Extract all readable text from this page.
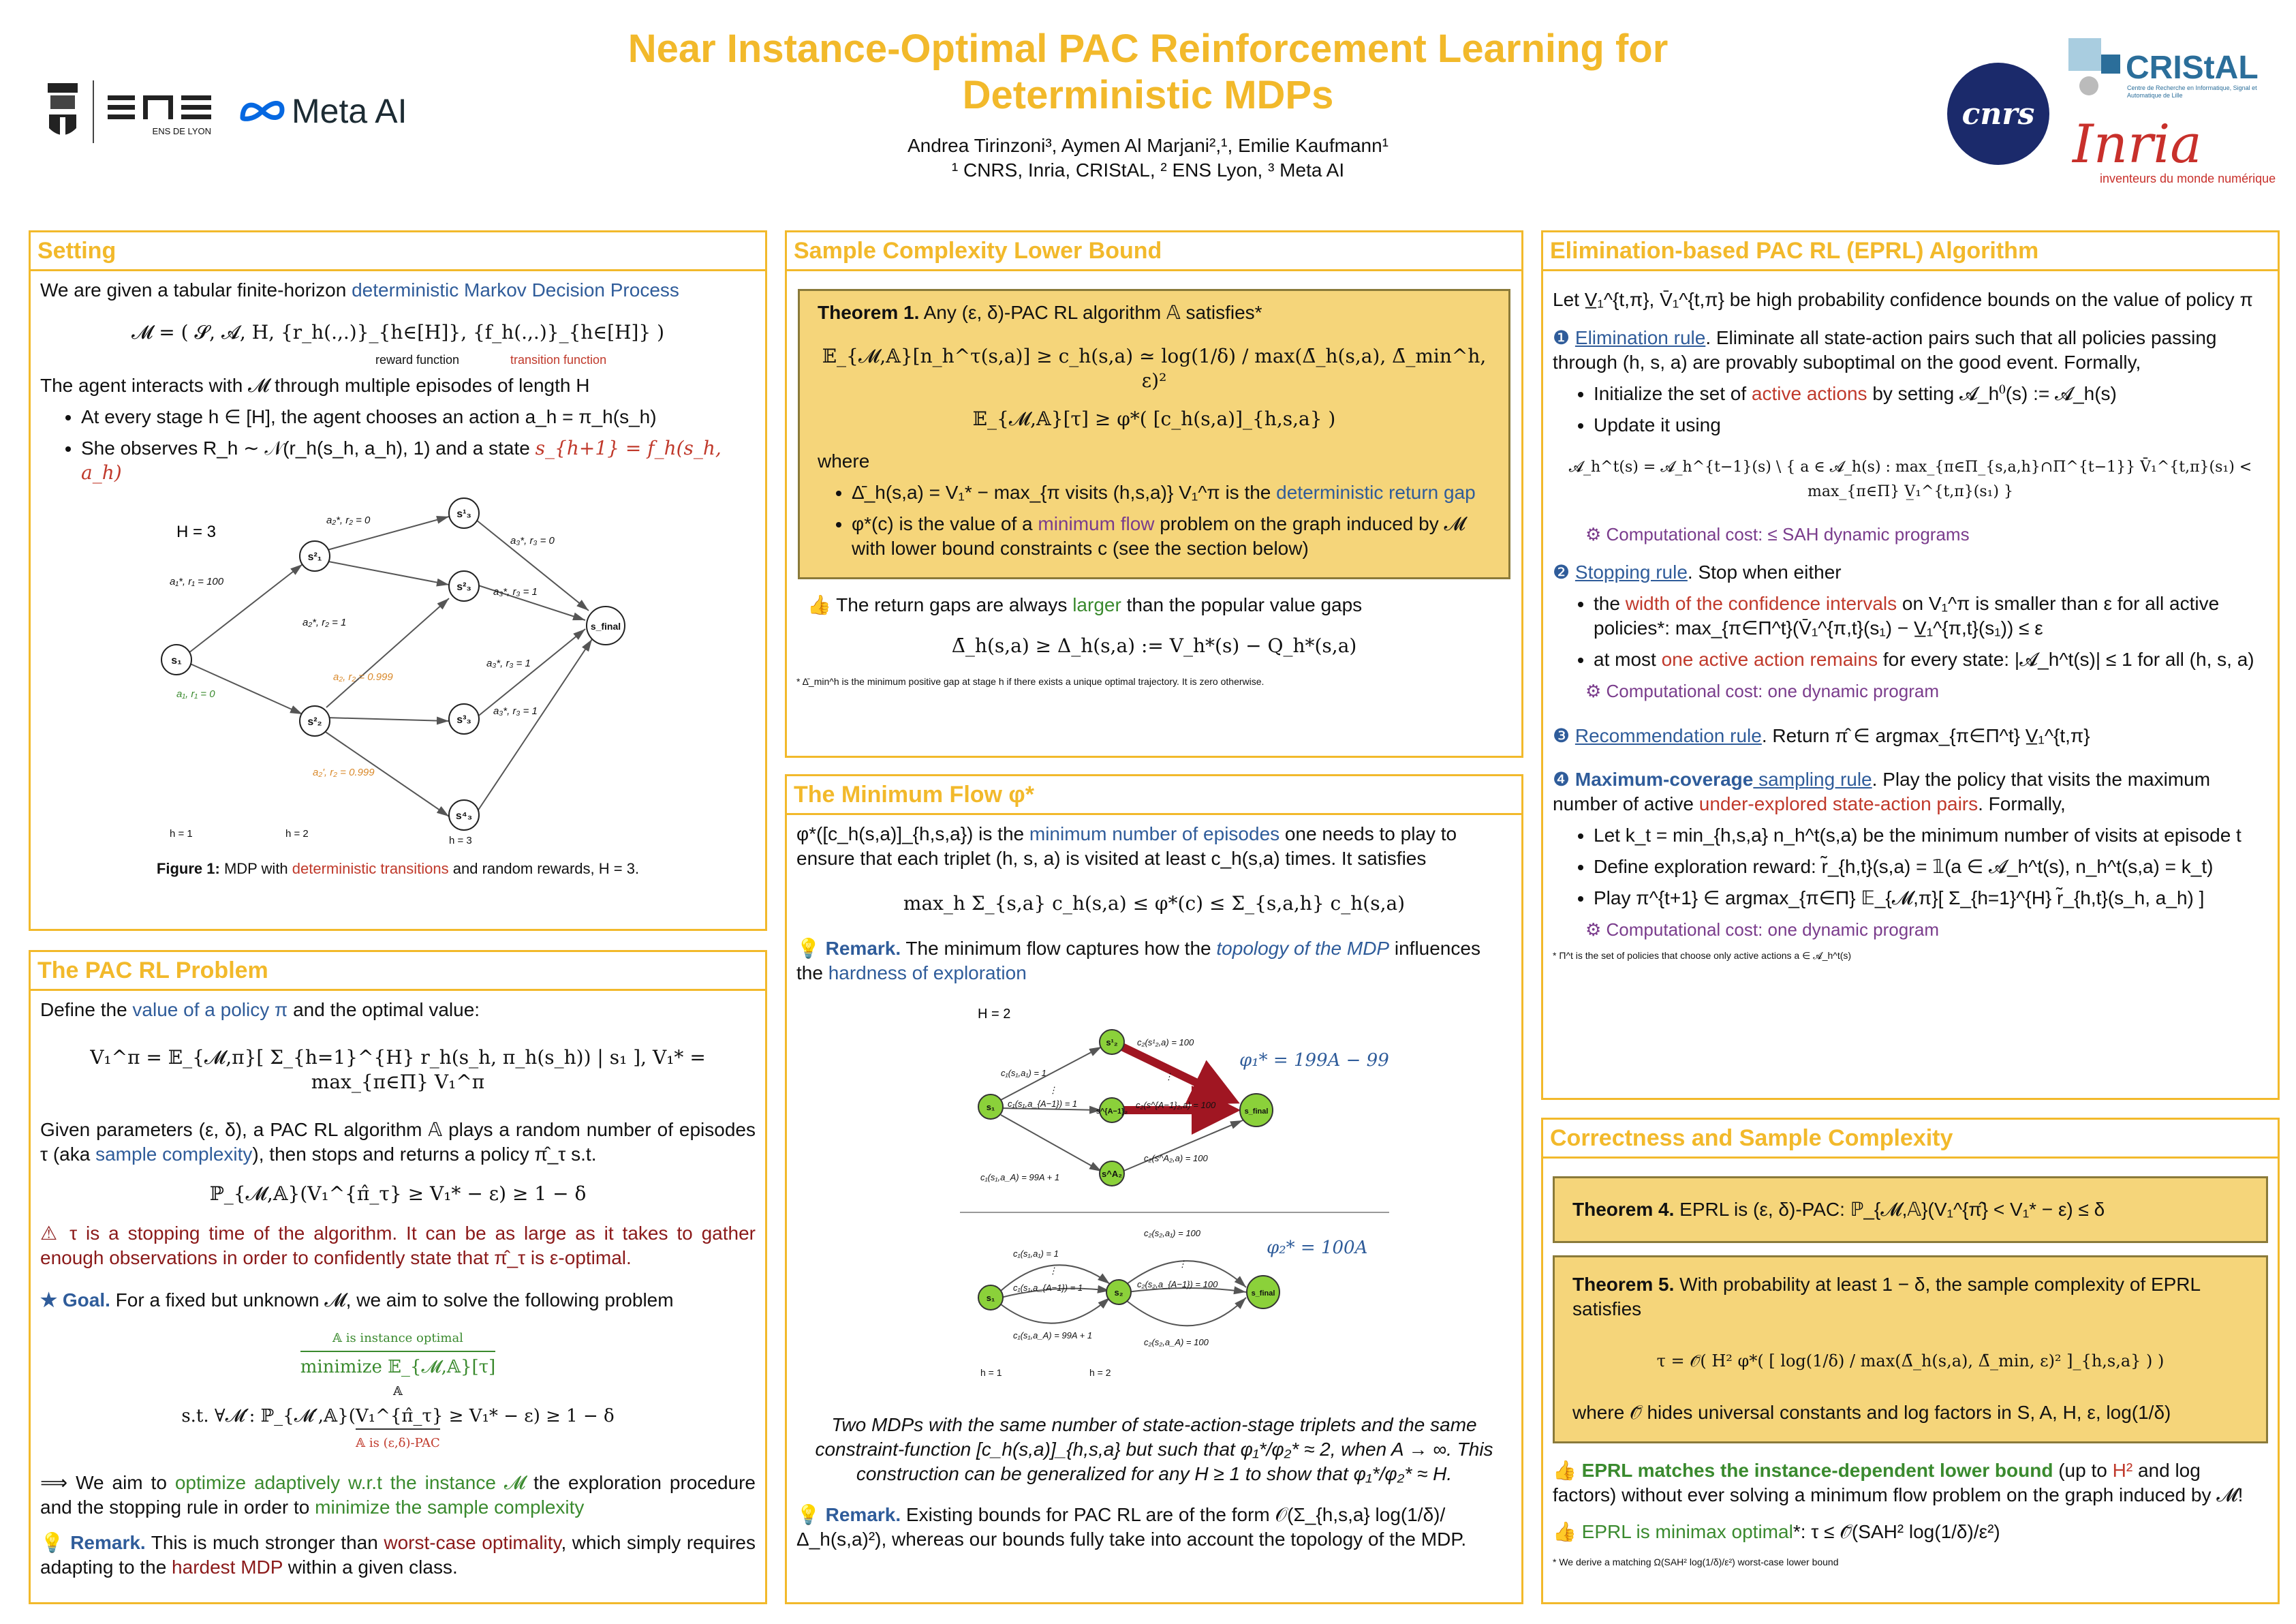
ENS DE LYON
Meta AI
Near Instance-Optimal PAC Reinforcement Learning for
Deterministic MDPs
Andrea Tirinzoni³, Aymen Al Marjani²,¹, Emilie Kaufmann¹
¹ CNRS, Inria, CRIStAL, ² ENS Lyon, ³ Meta AI
cnrs
CRIStAL
Centre de Recherche en Informatique, Signal et Automatique de Lille
Inria
inventeurs du monde numérique
Setting
We are given a tabular finite-horizon deterministic Markov Decision Process
𝓜 = ( 𝓢, 𝓐, H, {r_h(.,.)}_{h∈[H]}, {f_h(.,.)}_{h∈[H]} )
reward function	transition function
The agent interacts with 𝓜 through multiple episodes of length H
• At every stage h ∈ [H], the agent chooses an action a_h = π_h(s_h)
• She observes R_h ∼ 𝒩(r_h(s_h, a_h), 1) and a state s_{h+1} = f_h(s_h, a_h)
H = 3
a₁*, r₁ = 100
a₁, r₁ = 0
a₂*, r₂ = 0
a₂*, r₂ = 1
a₂, r₂ = 0.999
a₂', r₂ = 0.999
a₃*, r₃ = 0
a₃*, r₃ = 1
a₃*, r₃ = 1
a₃*, r₃ = 1
s₁
s²₁
s²₂
s¹₃
s²₃
s³₃
s⁴₃
s_final
h = 1	h = 2
h = 3
Figure 1: MDP with deterministic transitions and random rewards, H = 3.
The PAC RL Problem
Define the value of a policy π and the optimal value:
V₁^π = 𝔼_{𝓜,π}[ Σ_{h=1}^{H} r_h(s_h, π_h(s_h)) | s₁ ], V₁* = max_{π∈Π} V₁^π
Given parameters (ε, δ), a PAC RL algorithm 𝔸 plays a random number of episodes τ (aka sample complexity), then stops and returns a policy π̂_τ s.t.
ℙ_{𝓜,𝔸}(V₁^{π̂_τ} ≥ V₁* − ε) ≥ 1 − δ
⚠ τ is a stopping time of the algorithm. It can be as large as it takes to gather enough observations in order to confidently state that π̂_τ is ε-optimal.
★ Goal. For a fixed but unknown 𝓜, we aim to solve the following problem
𝔸 is instance optimal
minimize 𝔼_{𝓜,𝔸}[τ]
𝔸
s.t. ∀𝓜′: ℙ_{𝓜′,𝔸}(V₁^{π̂_τ} ≥ V₁* − ε) ≥ 1 − δ
𝔸 is (ε,δ)-PAC
⟹ We aim to optimize adaptively w.r.t the instance 𝓜 the exploration procedure and the stopping rule in order to minimize the sample complexity
💡 Remark. This is much stronger than worst-case optimality, which simply requires adapting to the hardest MDP within a given class.
Sample Complexity Lower Bound
Theorem 1. Any (ε, δ)-PAC RL algorithm 𝔸 satisfies*
𝔼_{𝓜,𝔸}[n_h^τ(s,a)] ≥ c_h(s,a) ≃ log(1/δ) / max(Δ̄_h(s,a), Δ̄_min^h, ε)²
𝔼_{𝓜,𝔸}[τ] ≥ φ*( [c_h(s,a)]_{h,s,a} )
where
• Δ̄_h(s,a) = V₁* − max_{π visits (h,s,a)} V₁^π is the deterministic return gap
• φ*(c) is the value of a minimum flow problem on the graph induced by 𝓜 with lower bound constraints c (see the section below)
👍 The return gaps are always larger than the popular value gaps
Δ̄_h(s,a) ≥ Δ_h(s,a) := V_h*(s) − Q_h*(s,a)
* Δ̄_min^h is the minimum positive gap at stage h if there exists a unique optimal trajectory. It is zero otherwise.
The Minimum Flow φ*
φ*([c_h(s,a)]_{h,s,a}) is the minimum number of episodes one needs to play to ensure that each triplet (h, s, a) is visited at least c_h(s,a) times. It satisfies
max_h Σ_{s,a} c_h(s,a) ≤ φ*(c) ≤ Σ_{s,a,h} c_h(s,a)
💡 Remark. The minimum flow captures how the topology of the MDP influences the hardness of exploration
H = 2
c₁(s₁,a₁) = 1
⋮
c₁(s₁,a_{A−1}) = 1
c₁(s₁,a_A) = 99A + 1
c₂(s¹₂,a) = 100
⋮
c₂(s^{A−1}₂,a) = 100
c₂(s^A₂,a) = 100
s₁
s¹₂
s^{A−1}₂
s^A₂
s_final
φ₁* = 199A − 99
c₁(s₁,a₁) = 1
⋮
c₁(s₁,a_{A−1}) = 1
c₁(s₁,a_A) = 99A + 1
c₂(s₂,a₁) = 100
⋮
c₂(s₂,a_{A−1}) = 100
c₂(s₂,a_A) = 100
s₁
s₂	s_final
φ₂* = 100A
h = 1	h = 2
Two MDPs with the same number of state-action-stage triplets and the same constraint-function [c_h(s,a)]_{h,s,a} but such that φ₁*/φ₂* ≈ 2, when A → ∞. This construction can be generalized for any H ≥ 1 to show that φ₁*/φ₂* ≈ H.
💡 Remark. Existing bounds for PAC RL are of the form 𝒪(Σ_{h,s,a} log(1/δ)/Δ_h(s,a)²), whereas our bounds fully take into account the topology of the MDP.
Elimination-based PAC RL (EPRL) Algorithm
Let V̲₁^{t,π}, V̄₁^{t,π} be high probability confidence bounds on the value of policy π
❶ Elimination rule. Eliminate all state-action pairs such that all policies passing through (h, s, a) are provably suboptimal on the good event. Formally,
• Initialize the set of active actions by setting 𝓐_h⁰(s) := 𝓐_h(s)
• Update it using
𝓐_h^t(s) = 𝓐_h^{t−1}(s) \ { a ∈ 𝓐_h(s) : max_{π∈Π_{s,a,h}∩Π^{t−1}} V̄₁^{t,π}(s₁) < max_{π∈Π} V̲₁^{t,π}(s₁) }
⚙ Computational cost: ≤ SAH dynamic programs
❷ Stopping rule. Stop when either
• the width of the confidence intervals on V₁^π is smaller than ε for all active policies*: max_{π∈Π^t}(V̄₁^{π,t}(s₁) − V̲₁^{π,t}(s₁)) ≤ ε
• at most one active action remains for every state: |𝓐_h^t(s)| ≤ 1 for all (h, s, a)
⚙ Computational cost: one dynamic program
❸ Recommendation rule. Return π̂ ∈ argmax_{π∈Π^t} V̲₁^{t,π}
❹ Maximum-coverage sampling rule. Play the policy that visits the maximum number of active under-explored state-action pairs. Formally,
• Let k_t = min_{h,s,a} n_h^t(s,a) be the minimum number of visits at episode t
• Define exploration reward: r̃_{h,t}(s,a) = 𝟙(a ∈ 𝓐_h^t(s), n_h^t(s,a) = k_t)
• Play π^{t+1} ∈ argmax_{π∈Π} 𝔼_{𝓜,π}[ Σ_{h=1}^{H} r̃_{h,t}(s_h, a_h) ]
⚙ Computational cost: one dynamic program
* Π^t is the set of policies that choose only active actions a ∈ 𝓐_h^t(s)
Correctness and Sample Complexity
Theorem 4. EPRL is (ε, δ)-PAC: ℙ_{𝓜,𝔸}(V₁^{π̂} < V₁* − ε) ≤ δ
Theorem 5. With probability at least 1 − δ, the sample complexity of EPRL satisfies
τ = 𝒪̃( H² φ*( [ log(1/δ) / max(Δ̄_h(s,a), Δ̄_min, ε)² ]_{h,s,a} ) )
where 𝒪̃ hides universal constants and log factors in S, A, H, ε, log(1/δ)
👍 EPRL matches the instance-dependent lower bound (up to H² and log factors) without ever solving a minimum flow problem on the graph induced by 𝓜!
👍 EPRL is minimax optimal*: τ ≤ 𝒪̃(SAH² log(1/δ)/ε²)
* We derive a matching Ω(SAH² log(1/δ)/ε²) worst-case lower bound
